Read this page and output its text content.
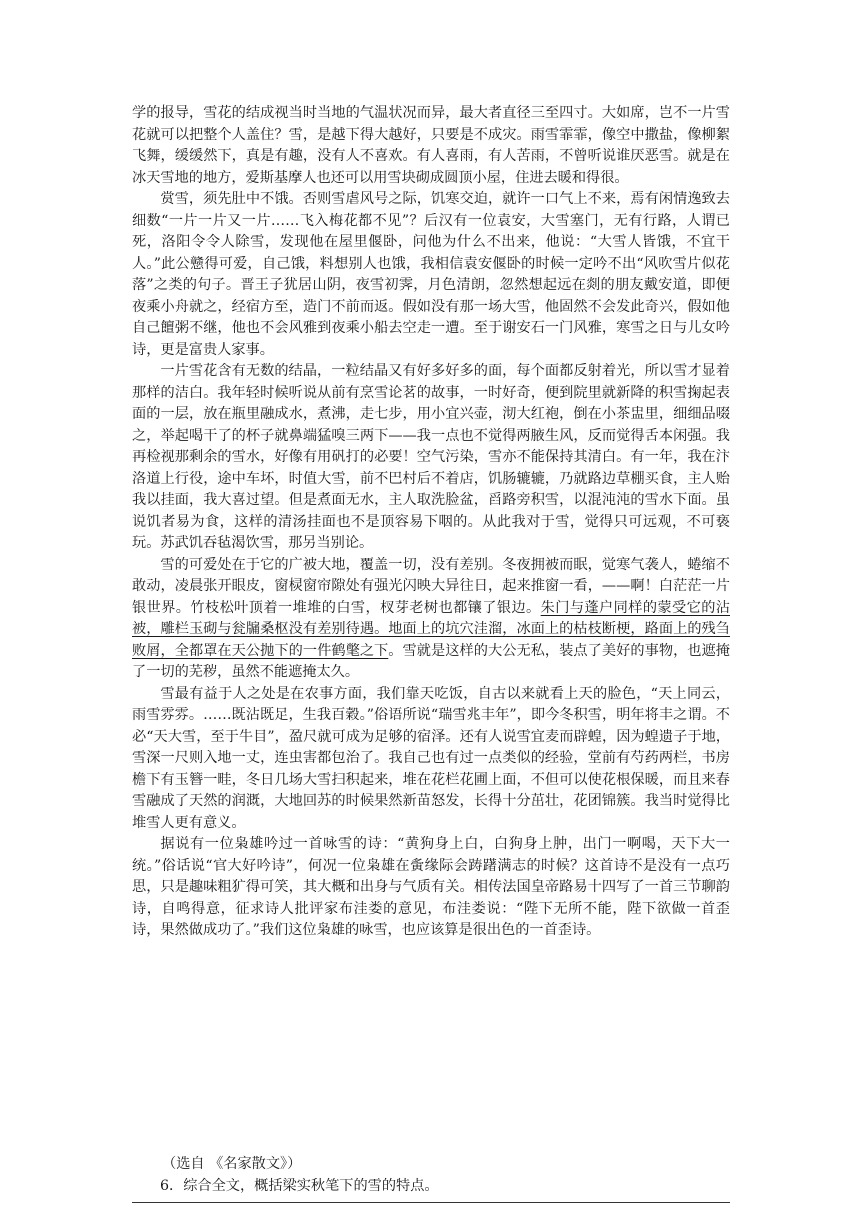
学的报导，雪花的结成视当时当地的气温状况而异，最大者直径三至四寸。大如席，岂不一片雪花就可以把整个人盖住？雪，是越下得大越好，只要是不成灾。雨雪霏霏，像空中撒盐，像柳絮飞舞，缓缓然下，真是有趣，没有人不喜欢。有人喜雨，有人苦雨，不曾听说谁厌恶雪。就是在冰天雪地的地方，爱斯基摩人也还可以用雪块砌成圆顶小屋，住进去暖和得很。

赏雪，须先肚中不饿。否则雪虐风号之际，饥寒交迫，就许一口气上不来，焉有闲情逸致去细数“一片一片又一片……飞入梅花都不见”？后汉有一位袁安，大雪塞门，无有行路，人谓已死，洛阳令令人除雪，发现他在屋里偃卧，问他为什么不出来，他说：“大雪人皆饿，不宜干人。”此公戆得可爱，自己饿，料想别人也饿，我相信袁安偃卧的时候一定吟不出“风吹雪片似花落”之类的句子。晋王子犹居山阴，夜雪初霁，月色清朗，忽然想起远在剡的朋友戴安道，即便夜乘小舟就之，经宿方至，造门不前而返。假如没有那一场大雪，他固然不会发此奇兴，假如他自己饘粥不继，他也不会风雅到夜乘小船去空走一遭。至于谢安石一门风雅，寒雪之日与儿女吟诗，更是富贵人家事。

一片雪花含有无数的结晶，一粒结晶又有好多好多的面，每个面都反射着光，所以雪才显着那样的洁白。我年轻时候听说从前有烹雪论茗的故事，一时好奇，便到院里就新降的积雪掬起表面的一层，放在瓶里融成水，煮沸，走七步，用小宜兴壶，沏大红袍，倒在小茶盅里，细细品啜之，举起喝干了的杯子就鼻端猛嗅三两下——我一点也不觉得两腋生风，反而觉得舌本闲强。我再检视那剩余的雪水，好像有用矾打的必要！空气污染，雪亦不能保持其清白。有一年，我在汴洛道上行役，途中车坏，时值大雪，前不巴村后不着店，饥肠辘辘，乃就路边草棚买食，主人贻我以挂面，我大喜过望。但是煮面无水，主人取洗脸盆，舀路旁积雪，以混沌沌的雪水下面。虽说饥者易为食，这样的清汤挂面也不是顶容易下咽的。从此我对于雪，觉得只可远观，不可亵玩。苏武饥吞毡渴饮雪，那另当别论。

雪的可爱处在于它的广被大地，覆盖一切，没有差别。冬夜拥被而眠，觉寒气袭人，蜷缩不敢动，凌晨张开眼皮，窗棂窗帘隙处有强光闪映大异往日，起来推窗一看，——啊！白茫茫一片银世界。竹枝松叶顶着一堆堆的白雪，杈芽老树也都镶了银边。朱门与蓬户同样的蒙受它的沾被，雕栏玉砌与瓮牖桑枢没有差别待遇。地面上的坑穴洼溜，冰面上的枯枝断梗，路面上的残刍败屑，全都罩在天公抛下的一件鹤氅之下。雪就是这样的大公无私，装点了美好的事物，也遮掩了一切的芜秽，虽然不能遮掩太久。

雪最有益于人之处是在农事方面，我们靠天吃饭，自古以来就看上天的脸色，“天上同云，雨雪雰雰。……既沾既足，生我百穀。”俗语所说“瑞雪兆丰年”，即今冬积雪，明年将丰之谓。不必“天大雪，至于牛目”，盈尺就可成为足够的宿泽。还有人说雪宜麦而辟蝗，因为蝗遗子于地，雪深一尺则入地一丈，连虫害都包治了。我自己也有过一点类似的经验，堂前有芍药两栏，书房檐下有玉簪一畦，冬日几场大雪扫积起来，堆在花栏花圃上面，不但可以使花根保暖，而且来春雪融成了天然的润溉，大地回苏的时候果然新苗怒发，长得十分茁壮，花团锦簇。我当时觉得比堆雪人更有意义。

据说有一位枭雄吟过一首咏雪的诗：“黄狗身上白，白狗身上肿，出门一啊喝，天下大一统。”俗话说“官大好吟诗”，何况一位枭雄在夤缘际会踌躇满志的时候？这首诗不是没有一点巧思，只是趣味粗犷得可笑，其大概和出身与气质有关。相传法国皇帝路易十四写了一首三节聊韵诗，自鸣得意，征求诗人批评家布洼娄的意见，布洼娄说：“陛下无所不能，陛下欲做一首歪诗，果然做成功了。”我们这位枭雄的咏雪，也应该算是很出色的一首歪诗。

（选自 《名家散文》）
6．综合全文，概括梁实秋笔下的雪的特点。
